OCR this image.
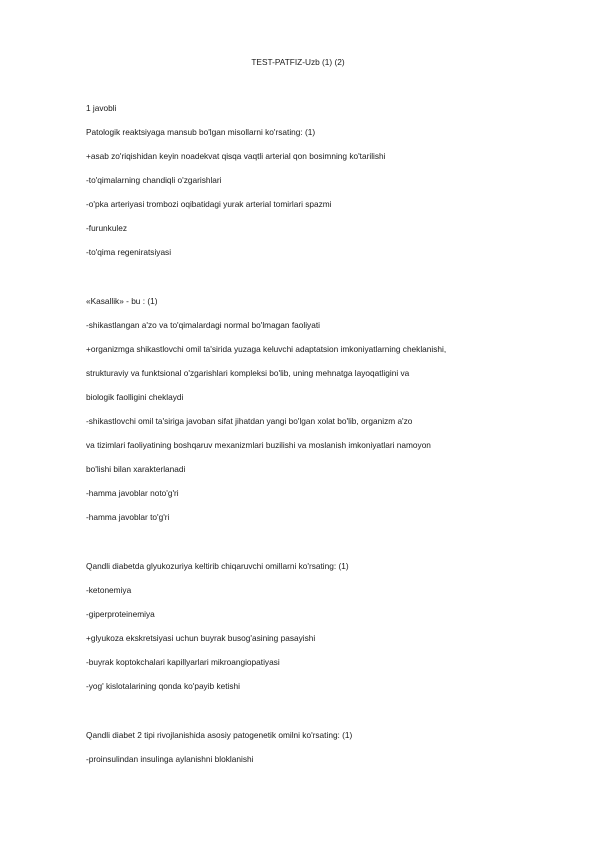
TEST-PATFIZ-Uzb (1) (2)
1 javobli
Patologik reaktsiyaga mansub bo'lgan misollarni ko'rsating: (1)
+asab zo'riqishidan keyin noadekvat qisqa vaqtli arterial qon bosimning ko'tarilishi
-to'qimalarning chandiqli o'zgarishlari
-o'pka arteriyasi trombozi oqibatidagi yurak arterial tomirlari spazmi
-furunkulez
-to'qima regeniratsiyasi
«Kasallik» - bu : (1)
-shikastlangan a'zo va to'qimalardagi normal bo'lmagan faoliyati
+organizmga shikastlovchi omil ta'sirida yuzaga keluvchi adaptatsion imkoniyatlarning cheklanishi,
strukturaviy va funktsional o'zgarishlari kompleksi bo'lib, uning mehnatga layoqatligini va
biologik faolligini cheklaydi
-shikastlovchi omil ta'siriga javoban sifat jihatdan yangi bo'lgan xolat bo'lib, organizm a'zo
va tizimlari faoliyatining boshqaruv mexanizmlari buzilishi va moslanish imkoniyatlari namoyon
bo'lishi bilan xarakterlanadi
-hamma javoblar noto'g'ri
-hamma javoblar to'g'ri
Qandli diabetda glyukozuriya keltirib chiqaruvchi omillarni ko'rsating: (1)
-ketonemiya
-giperproteinemiya
+glyukoza ekskretsiyasi uchun buyrak busog'asining pasayishi
-buyrak koptokchalari kapillyarlari mikroangiopatiyasi
-yog' kislotalarining qonda ko'payib ketishi
Qandli diabet 2 tipi rivojlanishida asosiy patogenetik omilni ko'rsating: (1)
-proinsulindan insulinga aylanishni bloklanishi
